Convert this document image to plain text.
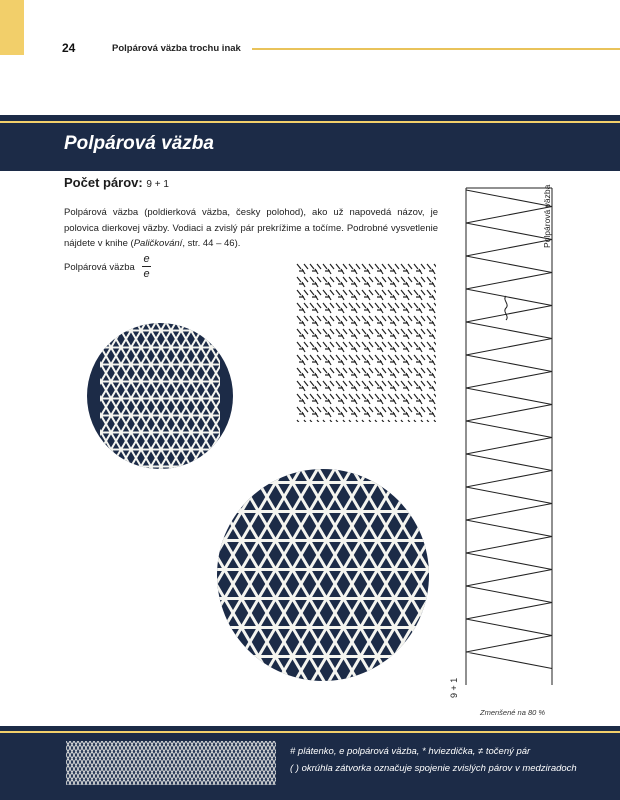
24	Polpárová väzba trochu inak
Polpárová väzba
Počet párov: 9 + 1
Polpárová väzba (poldierková väzba, česky polohod), ako už napovedá názov, je polovica dierkovej väzby. Vodiaci a zvislý pár prekrížime a točíme. Podrobné vysvetlenie nájdete v knihe (Paličkování, str. 44 – 46).
Polpárová väzba
e
e
Polpárová väzba
9 + 1
Zmenšené na 80 %
# plátenko, e polpárová väzba, * hviezdička, ≠ točený pár
( ) okrúhla zátvorka označuje spojenie zvislých párov v medziradoch
